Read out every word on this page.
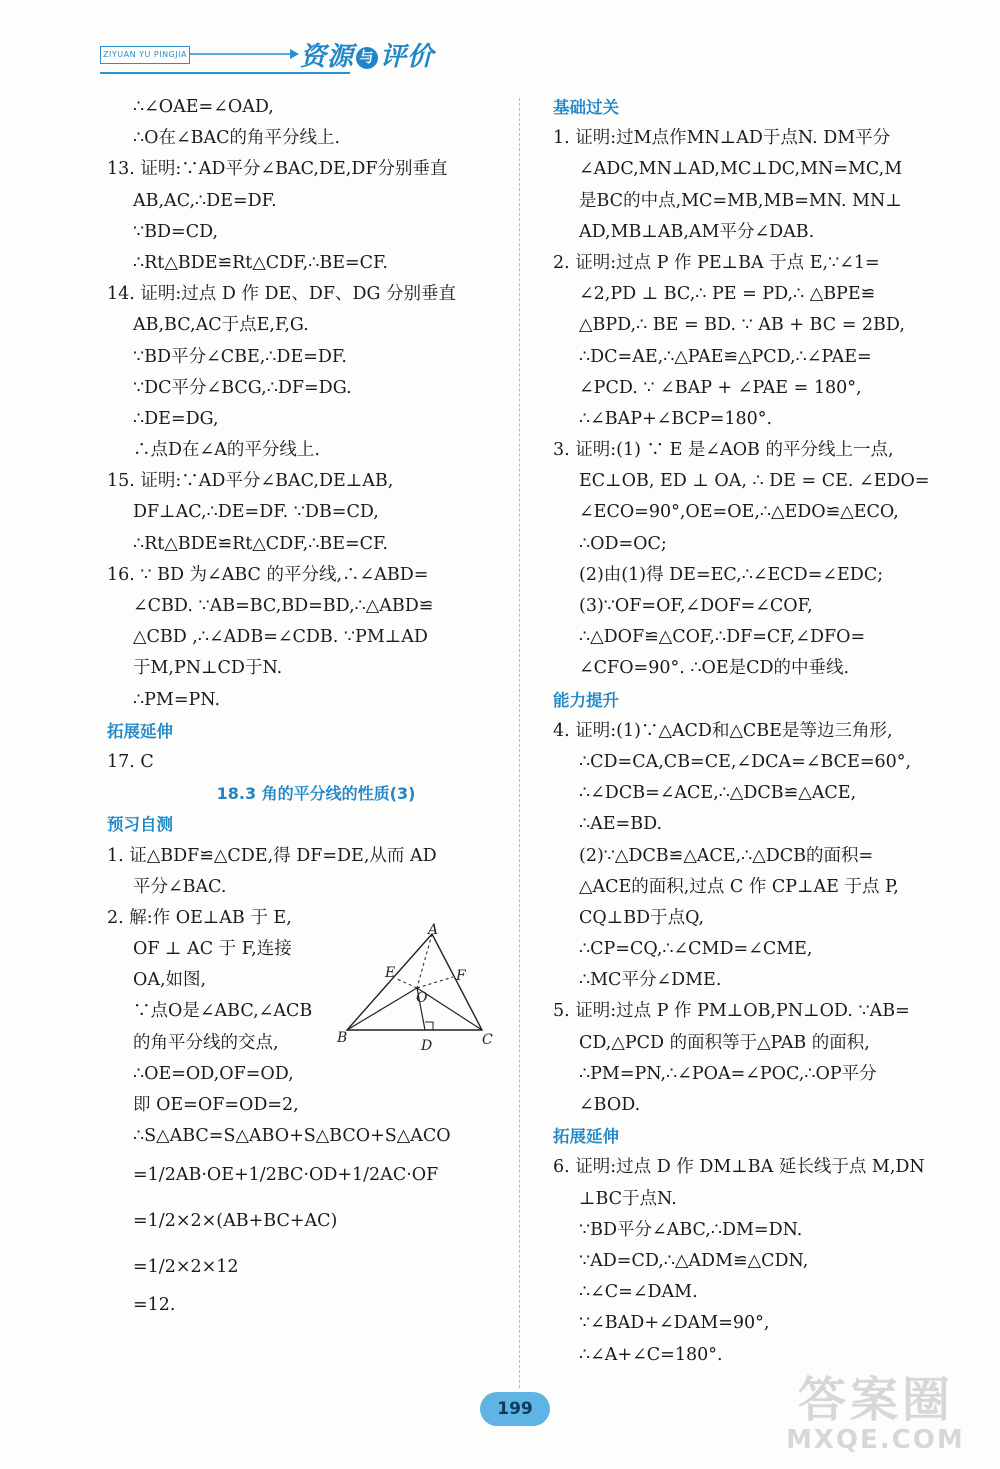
ZIYUAN YU PINGJIA	资源 与 评价
∴∠OAE=∠OAD,
∴O在∠BAC的角平分线上.
13. 证明:∵AD平分∠BAC,DE,DF分别垂直
AB,AC,∴DE=DF.
∵BD=CD,
∴Rt△BDE≌Rt△CDF,∴BE=CF.
14. 证明:过点 D 作 DE、DF、DG 分别垂直
AB,BC,AC于点E,F,G.
∵BD平分∠CBE,∴DE=DF.
∵DC平分∠BCG,∴DF=DG.
∴DE=DG,
∴点D在∠A的平分线上.
15. 证明:∵AD平分∠BAC,DE⊥AB,
DF⊥AC,∴DE=DF. ∵DB=CD,
∴Rt△BDE≌Rt△CDF,∴BE=CF.
16. ∵ BD 为∠ABC 的平分线,∴∠ABD=
∠CBD. ∵AB=BC,BD=BD,∴△ABD≌
△CBD ,∴∠ADB=∠CDB. ∵PM⊥AD
于M,PN⊥CD于N.
∴PM=PN.
拓展延伸
17. C
18.3 角的平分线的性质(3)
预习自测
1. 证△BDF≌△CDE,得 DF=DE,从而 AD
平分∠BAC.
2. 解:作 OE⊥AB 于 E,
OF ⊥ AC 于 F,连接
OA,如图,
∵点O是∠ABC,∠ACB
的角平分线的交点,
∴OE=OD,OF=OD,
即 OE=OF=OD=2,
∴S△ABC=S△ABO+S△BCO+S△ACO
=1/2AB·OE+1/2BC·OD+1/2AC·OF
=1/2×2×(AB+BC+AC)
=1/2×2×12
=12.
A
B	C
D
E	F
O
基础过关
1. 证明:过M点作MN⊥AD于点N. DM平分
∠ADC,MN⊥AD,MC⊥DC,MN=MC,M
是BC的中点,MC=MB,MB=MN. MN⊥
AD,MB⊥AB,AM平分∠DAB.
2. 证明:过点 P 作 PE⊥BA 于点 E,∵∠1=
∠2,PD ⊥ BC,∴ PE = PD,∴ △BPE≌
△BPD,∴ BE = BD. ∵ AB + BC = 2BD,
∴DC=AE,∴△PAE≌△PCD,∴∠PAE=
∠PCD. ∵ ∠BAP + ∠PAE = 180°,
∴∠BAP+∠BCP=180°.
3. 证明:(1) ∵ E 是∠AOB 的平分线上一点,
EC⊥OB, ED ⊥ OA, ∴ DE = CE. ∠EDO=
∠ECO=90°,OE=OE,∴△EDO≌△ECO,
∴OD=OC;
(2)由(1)得 DE=EC,∴∠ECD=∠EDC;
(3)∵OF=OF,∠DOF=∠COF,
∴△DOF≌△COF,∴DF=CF,∠DFO=
∠CFO=90°. ∴OE是CD的中垂线.
能力提升
4. 证明:(1)∵△ACD和△CBE是等边三角形,
∴CD=CA,CB=CE,∠DCA=∠BCE=60°,
∴∠DCB=∠ACE,∴△DCB≌△ACE,
∴AE=BD.
(2)∵△DCB≌△ACE,∴△DCB的面积=
△ACE的面积,过点 C 作 CP⊥AE 于点 P,
CQ⊥BD于点Q,
∴CP=CQ,∴∠CMD=∠CME,
∴MC平分∠DME.
5. 证明:过点 P 作 PM⊥OB,PN⊥OD. ∵AB=
CD,△PCD 的面积等于△PAB 的面积,
∴PM=PN,∴∠POA=∠POC,∴OP平分
∠BOD.
拓展延伸
6. 证明:过点 D 作 DM⊥BA 延长线于点 M,DN
⊥BC于点N.
∵BD平分∠ABC,∴DM=DN.
∵AD=CD,∴△ADM≌△CDN,
∴∠C=∠DAM.
∵∠BAD+∠DAM=90°,
∴∠A+∠C=180°.
199	答案圈
MXQE.COM
